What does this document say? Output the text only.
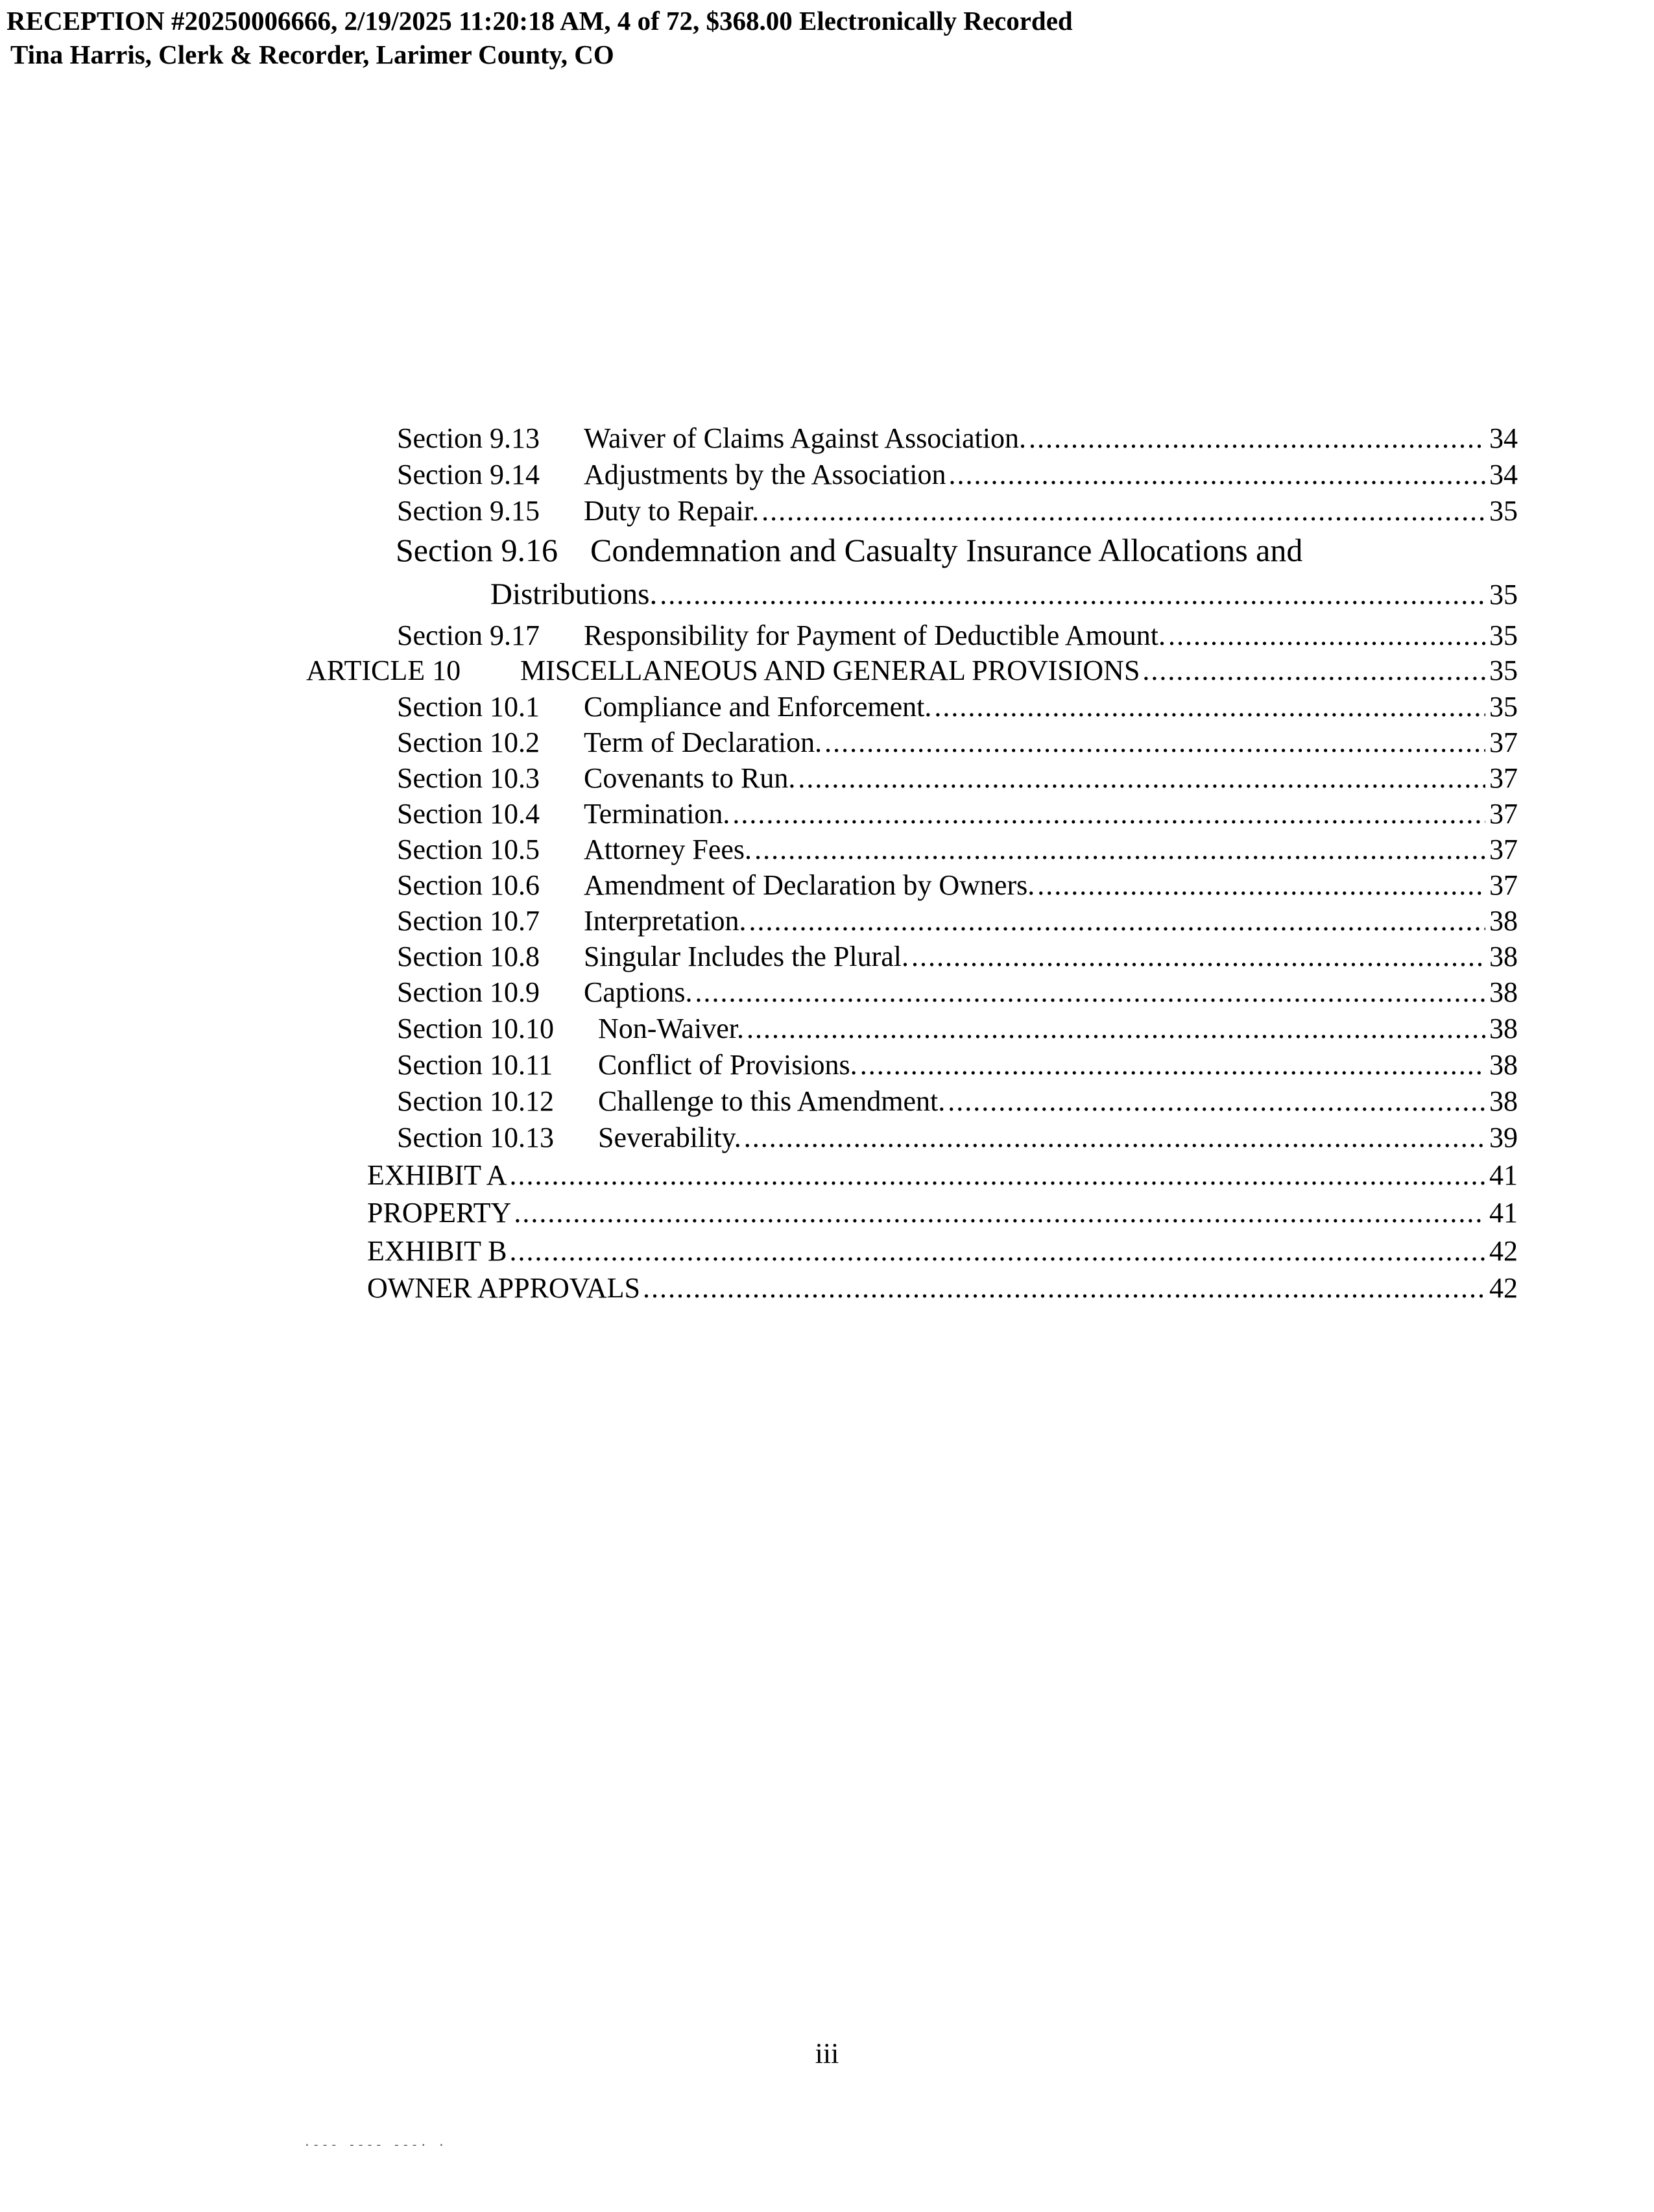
RECEPTION #20250006666, 2/19/2025 11:20:18 AM, 4 of 72, $368.00 Electronically Recorded
Tina Harris, Clerk & Recorder, Larimer County, CO
Section 9.13	Waiver of Claims Against Association. .....	34
Section 9.14	Adjustments by the Association .....	34
Section 9.15	Duty to Repair. .....	35
Section 9.16	Condemnation and Casualty Insurance Allocations and
Distributions. .....	35
Section 9.17	Responsibility for Payment of Deductible Amount. .....	35
ARTICLE 10	MISCELLANEOUS AND GENERAL PROVISIONS .....	35
Section 10.1	Compliance and Enforcement. .....	35
Section 10.2	Term of Declaration. .....	37
Section 10.3	Covenants to Run. .....	37
Section 10.4	Termination. .....	37
Section 10.5	Attorney Fees. .....	37
Section 10.6	Amendment of Declaration by Owners. .....	37
Section 10.7	Interpretation. .....	38
Section 10.8	Singular Includes the Plural. .....	38
Section 10.9	Captions. .....	38
Section 10.10	Non-Waiver. .....	38
Section 10.11	Conflict of Provisions. .....	38
Section 10.12	Challenge to this Amendment. .....	38
Section 10.13	Severability. .....	39
EXHIBIT A .....	41
PROPERTY .....	41
EXHIBIT B .....	42
OWNER APPROVALS .....	42
iii
·--- ---- ---· ·
